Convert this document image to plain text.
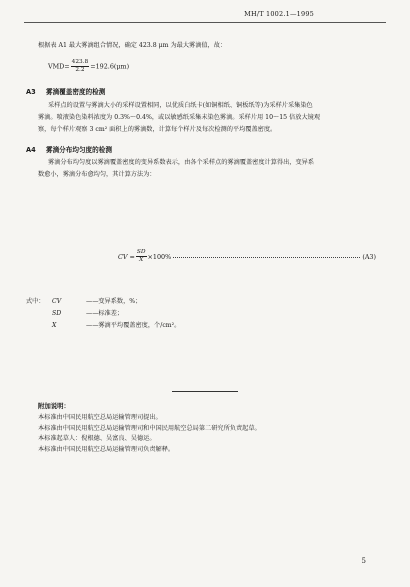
MH/T 1002.1—1995
根据表 A1 最大雾滴组合情况，确定 423.8 μm 为最大雾滴值，故：
$VMD= \frac{423.8}{2.2} =192.6(\mu m)$
A3 雾滴覆盖密度的检测
采样点的设置与雾滴大小的采样设置相同，以优质白纸卡(如铜相纸、铜板纸等)为采样片采集染色
雾滴。喷液染色染料浓度为 0.3%～0.4%，或以敏感纸采集未染色雾滴。采样片用 10～15 倍放大镜观
察，每个样片观察 3 cm² 面积上的雾滴数，计算每个样片及每次检测的平均覆盖密度。
A4 雾滴分布均匀度的检测
雾滴分布均匀度以雾滴覆盖密度的变异系数表示，由各个采样点的雾滴覆盖密度计算得出，变异系
数愈小，雾滴分布愈均匀，其计算方法为：
CV = $\frac{SD}{X} \times 100\%$	(A3)
式中：	CV	——变异系数，%；
SD	——标准差；
X	——雾滴平均覆盖密度，个/cm²。
附加说明：
本标准由中国民用航空总局运输管理司提出。
本标准由中国民用航空总局运输管理司和中国民用航空总局第二研究所负责起草。
本标准起草人：倪根德、吴富良、吴德运。
本标准由中国民用航空总局运输管理司负责解释。
5
